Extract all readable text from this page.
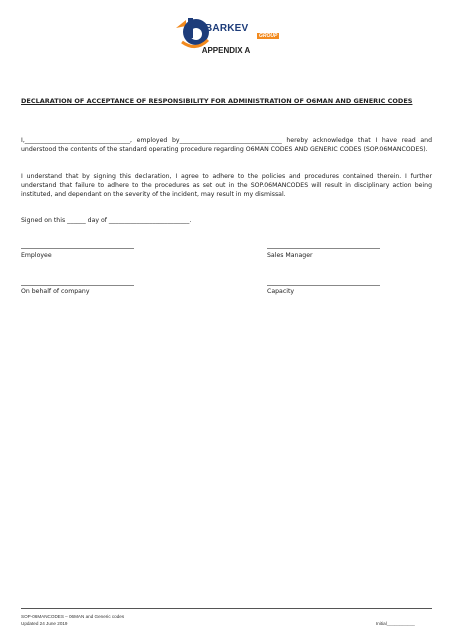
BARKEV
GROUP
APPENDIX A
DECLARATION OF ACCEPTANCE OF RESPONSIBILITY FOR ADMINISTRATION OF O6MAN AND GENERIC CODES
I,__________________________________, employed by_________________________________ hereby acknowledge that I have read and understood the contents of the standard operating procedure regarding O6MAN CODES AND GENERIC CODES (SOP.06MANCODES).
I understand that by signing this declaration, I agree to adhere to the policies and procedures contained therein. I further understand that failure to adhere to the procedures as set out in the SOP.06MANCODES will result in disciplinary action being instituted, and dependant on the severity of the incident, may result in my dismissal.
Signed on this ______ day of __________________________.
Employee	Sales Manager
On behalf of company	Capacity
SOP-06MANCODES – 06MAN and Generic codes
Updated 24 June 2019	Initial___________
